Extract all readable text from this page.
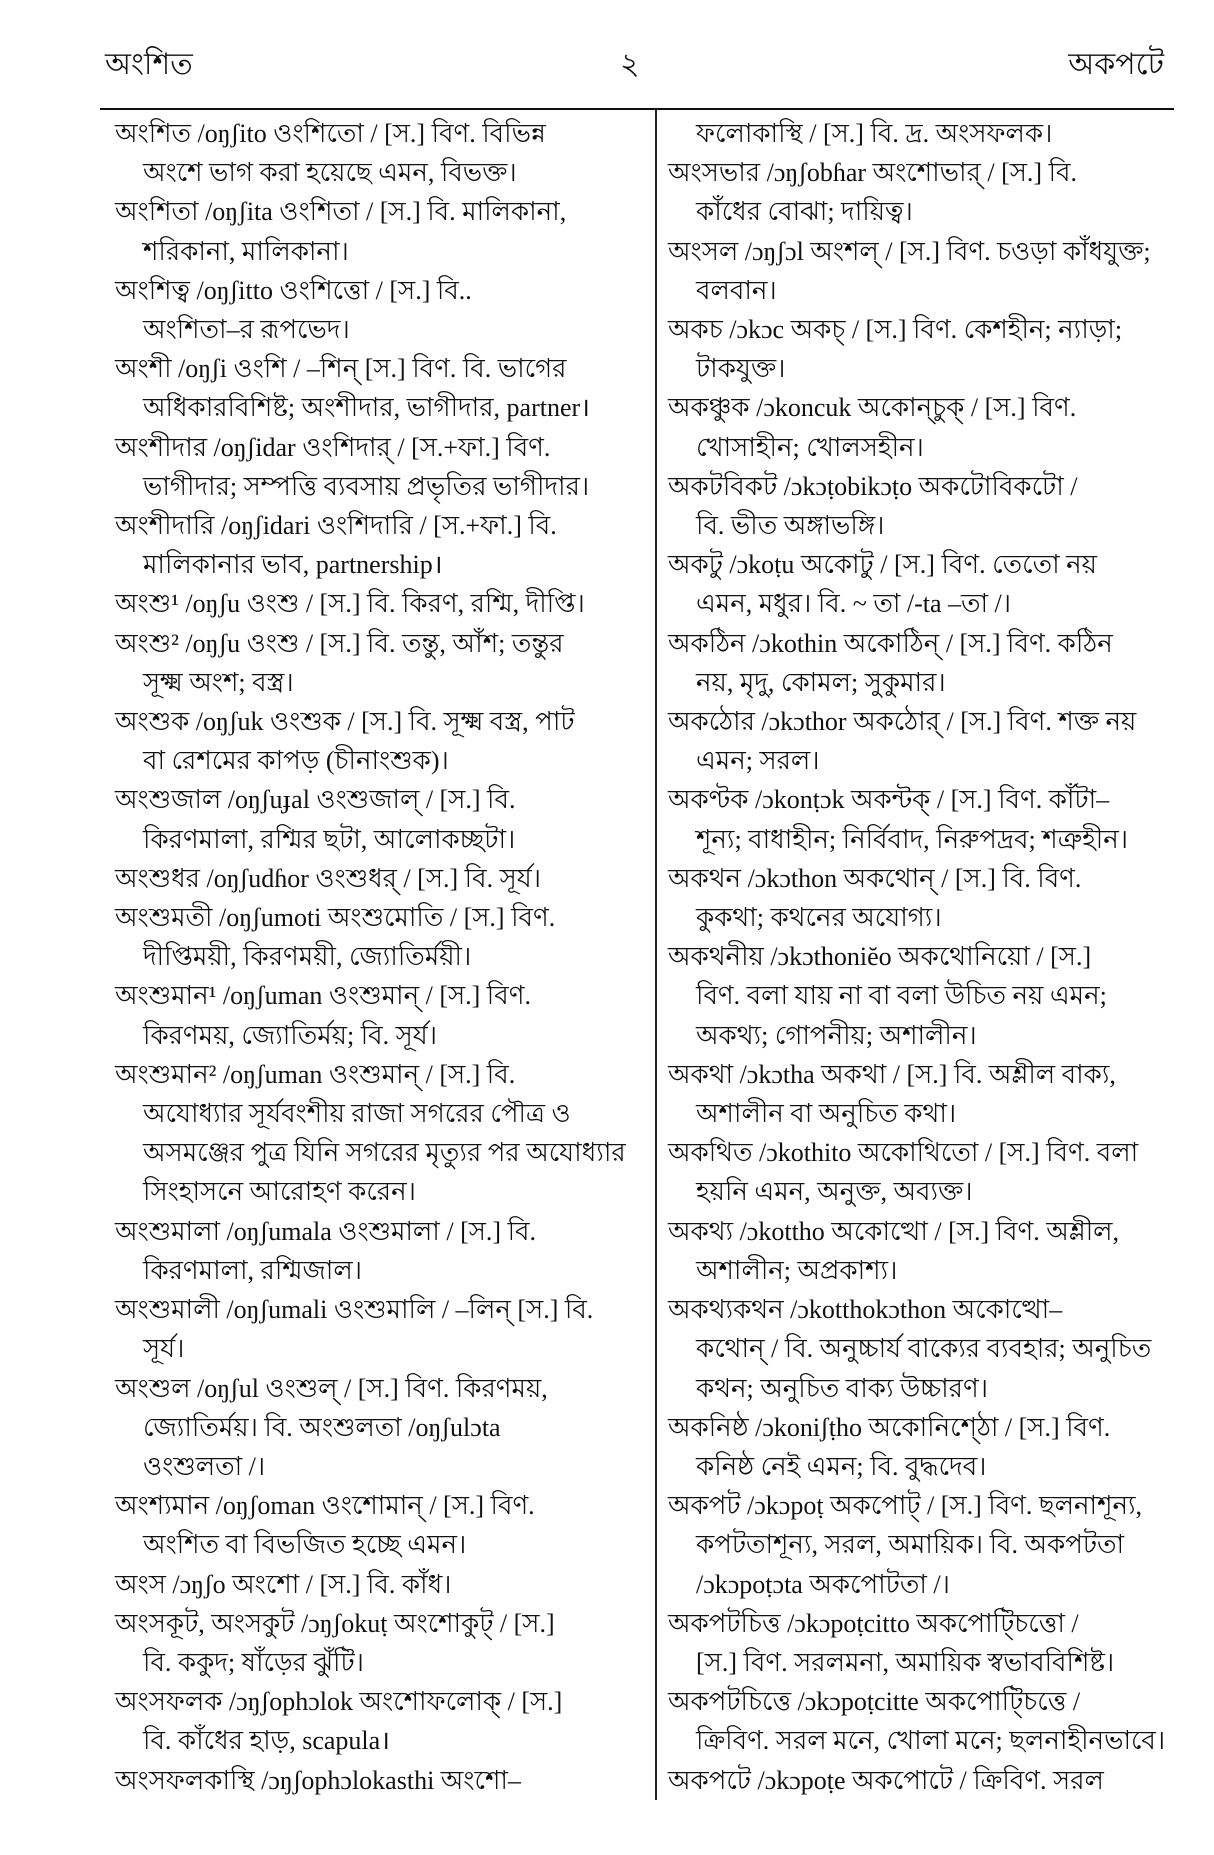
অংশিত	২	অকপটে
অংশিত /oŋʃito ওংশিতো / [স.] বিণ. বিভিন্ন
অংশে ভাগ করা হয়েছে এমন, বিভক্ত।
অংশিতা /oŋʃita ওংশিতা / [স.] বি. মালিকানা,
শরিকানা, মালিকানা।
অংশিত্ব /oŋʃitto ওংশিত্তো / [স.] বি..
অংশিতা–র রূপভেদ।
অংশী /oŋʃi ওংশি / –শিন্ [স.] বিণ. বি. ভাগের
অধিকারবিশিষ্ট; অংশীদার, ভাগীদার, partner।
অংশীদার /oŋʃidar ওংশিদার্ / [স.+ফা.] বিণ.
ভাগীদার; সম্পত্তি ব্যবসায় প্রভৃতির ভাগীদার।
অংশীদারি /oŋʃidari ওংশিদারি / [স.+ফা.] বি.
মালিকানার ভাব, partnership।
অংশু¹ /oŋʃu ওংশু / [স.] বি. কিরণ, রশ্মি, দীপ্তি।
অংশু² /oŋʃu ওংশু / [স.] বি. তন্তু, আঁশ; তন্তুর
সূক্ষ্ম অংশ; বস্ত্র।
অংশুক /oŋʃuk ওংশুক / [স.] বি. সূক্ষ্ম বস্ত্র, পাট
বা রেশমের কাপড় (চীনাংশুক)।
অংশুজাল /oŋʃuɟal ওংশুজাল্ / [স.] বি.
কিরণমালা, রশ্মির ছটা, আলোকচ্ছটা।
অংশুধর /oŋʃudɦor ওংশুধর্ / [স.] বি. সূর্য।
অংশুমতী /oŋʃumoti অংশুমোতি / [স.] বিণ.
দীপ্তিময়ী, কিরণময়ী, জ্যোতির্ময়ী।
অংশুমান¹ /oŋʃuman ওংশুমান্ / [স.] বিণ.
কিরণময়, জ্যোতির্ময়; বি. সূর্য।
অংশুমান² /oŋʃuman ওংশুমান্ / [স.] বি.
অযোধ্যার সূর্যবংশীয় রাজা সগরের পৌত্র ও
অসমঞ্জের পুত্র যিনি সগরের মৃত্যুর পর অযোধ্যার
সিংহাসনে আরোহণ করেন।
অংশুমালা /oŋʃumala ওংশুমালা / [স.] বি.
কিরণমালা, রশ্মিজাল।
অংশুমালী /oŋʃumali ওংশুমালি / –লিন্ [স.] বি.
সূর্য।
অংশুল /oŋʃul ওংশুল্ / [স.] বিণ. কিরণময়,
জ্যোতির্ময়। বি. অংশুলতা /oŋʃulɔta
ওংশুলতা /।
অংশ্যমান /oŋʃoman ওংশোমান্ / [স.] বিণ.
অংশিত বা বিভজিত হচ্ছে এমন।
অংস /ɔŋʃo অংশো / [স.] বি. কাঁধ।
অংসকূট, অংসকুট /ɔŋʃokuṭ অংশোকুট্ / [স.]
বি. ককুদ; ষাঁড়ের ঝুঁটি।
অংসফলক /ɔŋʃophɔlok অংশোফলোক্ / [স.]
বি. কাঁধের হাড়, scapula।
অংসফলকাস্থি /ɔŋʃophɔlokasthi অংশো–
ফলোকাস্থি / [স.] বি. দ্র. অংসফলক।
অংসভার /ɔŋʃobɦar অংশোভার্ / [স.] বি.
কাঁধের বোঝা; দায়িত্ব।
অংসল /ɔŋʃɔl অংশল্ / [স.] বিণ. চওড়া কাঁধযুক্ত;
বলবান।
অকচ /ɔkɔc অকচ্ / [স.] বিণ. কেশহীন; ন্যাড়া;
টাকযুক্ত।
অকঞ্চুক /ɔkoncuk অকোন্চুক্ / [স.] বিণ.
খোসাহীন; খোলসহীন।
অকটবিকট /ɔkɔṭobikɔṭo অকটোবিকটো /
বি. ভীত অঙ্গাভঙ্গি।
অকটু /ɔkoṭu অকোটু / [স.] বিণ. তেতো নয়
এমন, মধুর। বি. ~ তা /-ta –তা /।
অকঠিন /ɔkothin অকোঠিন্ / [স.] বিণ. কঠিন
নয়, মৃদু, কোমল; সুকুমার।
অকঠোর /ɔkɔthor অকঠোর্ / [স.] বিণ. শক্ত নয়
এমন; সরল।
অকণ্টক /ɔkonṭɔk অকন্টক্ / [স.] বিণ. কাঁটা–
শূন্য; বাধাহীন; নির্বিবাদ, নিরুপদ্রব; শত্রুহীন।
অকথন /ɔkɔthon অকথোন্ / [স.] বি. বিণ.
কুকথা; কথনের অযোগ্য।
অকথনীয় /ɔkɔthoniĕo অকথোনিয়ো / [স.]
বিণ. বলা যায় না বা বলা উচিত নয় এমন;
অকথ্য; গোপনীয়; অশালীন।
অকথা /ɔkɔtha অকথা / [স.] বি. অশ্লীল বাক্য,
অশালীন বা অনুচিত কথা।
অকথিত /ɔkothito অকোথিতো / [স.] বিণ. বলা
হয়নি এমন, অনুক্ত, অব্যক্ত।
অকথ্য /ɔkottho অকোত্থো / [স.] বিণ. অশ্লীল,
অশালীন; অপ্রকাশ্য।
অকথ্যকথন /ɔkotthokɔthon অকোত্থো–
কথোন্ / বি. অনুচ্চার্য বাক্যের ব্যবহার; অনুচিত
কথন; অনুচিত বাক্য উচ্চারণ।
অকনিষ্ঠ /ɔkoniʃṭho অকোনিশ্ঠো / [স.] বিণ.
কনিষ্ঠ নেই এমন; বি. বুদ্ধদেব।
অকপট /ɔkɔpoṭ অকপোট্ / [স.] বিণ. ছলনাশূন্য,
কপটতাশূন্য, সরল, অমায়িক। বি. অকপটতা
/ɔkɔpoṭɔta অকপোটতা /।
অকপটচিত্ত /ɔkɔpoṭcitto অকপোট্চিত্তো /
[স.] বিণ. সরলমনা, অমায়িক স্বভাববিশিষ্ট।
অকপটচিত্তে /ɔkɔpoṭcitte অকপোট্চিত্তে /
ক্রিবিণ. সরল মনে, খোলা মনে; ছলনাহীনভাবে।
অকপটে /ɔkɔpoṭe অকপোটে / ক্রিবিণ. সরল
